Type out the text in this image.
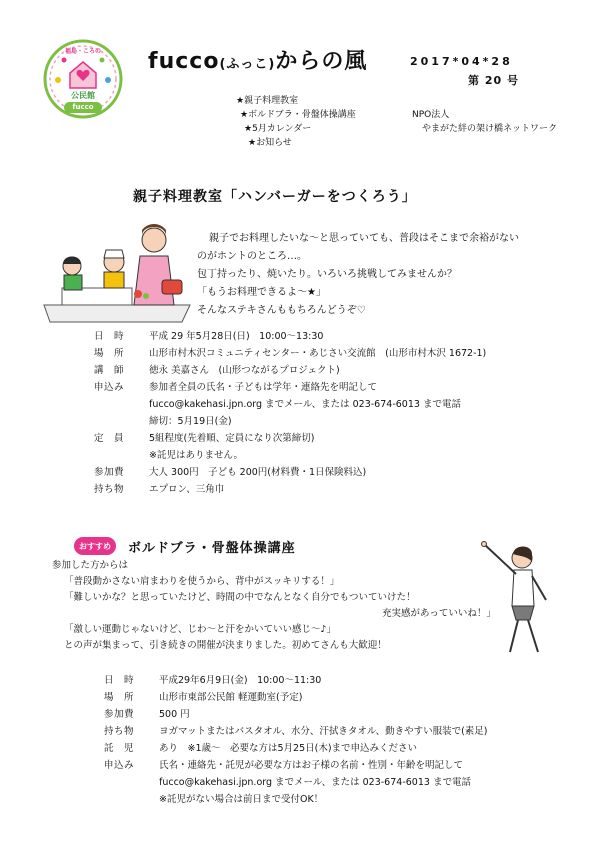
福島・ころの
公民館
fucco
fucco(ふっこ)からの風	2017*04*28
第 20 号
★親子料理教室
★ボルドブラ・骨盤体操講座
★5月カレンダー
★お知らせ
NPO法人
やまがた絆の架け橋ネットワーク
親子料理教室「ハンバーガーをつくろう」
親子でお料理したいな～と思っていても、普段はそこまで余裕がない
のがホントのところ…。
包丁持ったり、焼いたり。いろいろ挑戦してみませんか？
「もうお料理できるよ～★」
そんなステキさんももちろんどうぞ♡
日　時	平成 29 年5月28日(日)　10:00～13:30
場　所	山形市村木沢コミュニティセンター・あじさい交流館　(山形市村木沢 1672-1)
講　師	徳永 美嘉さん　(山形つながるプロジェクト)
申込み	参加者全員の氏名・子どもは学年・連絡先を明記して
fucco@kakehasi.jpn.org までメール、または 023-674-6013 まで電話
締切：5月19日(金)
定　員	5組程度(先着順、定員になり次第締切)
※託児はありません。
参加費	大人 300円　子ども 200円(材料費・1日保険料込)
持ち物	エプロン、三角巾
おすすめ	ボルドブラ・骨盤体操講座
参加した方からは
「普段動かさない肩まわりを使うから、背中がスッキリする！」
「難しいかな？と思っていたけど、時間の中でなんとなく自分でもついていけた！
充実感があっていいね！」
「激しい運動じゃないけど、じわ～と汗をかいていい感じ～♪」
との声が集まって、引き続きの開催が決まりました。初めてさんも大歓迎！
日　時	平成29年6月9日(金)　10:00～11:30
場　所	山形市東部公民館 軽運動室(予定)
参加費	500 円
持ち物	ヨガマットまたはバスタオル、水分、汗拭きタオル、動きやすい服装で(素足)
託　児	あり　※1歳～　必要な方は5月25日(木)まで申込みください
申込み	氏名・連絡先・託児が必要な方はお子様の名前・性別・年齢を明記して
fucco@kakehasi.jpn.org までメール、または 023-674-6013 まで電話
※託児がない場合は前日まで受付OK！
